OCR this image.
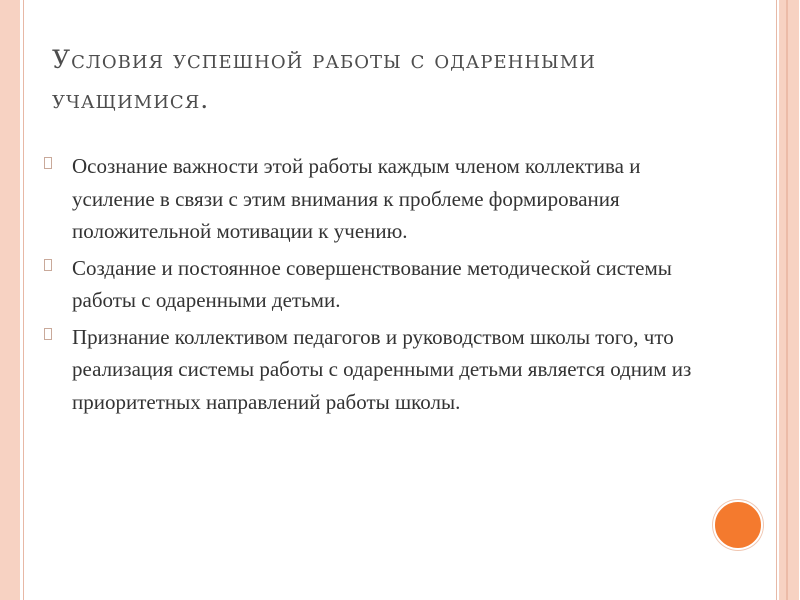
Условия успешной работы с одаренными учащимися.
Осознание важности этой работы каждым членом коллектива и усиление в связи с этим внимания к проблеме формирования положительной мотивации к учению.
Создание и постоянное совершенствование методической системы работы с одаренными детьми.
Признание коллективом педагогов и руководством школы того, что реализация системы работы с одаренными детьми является одним из приоритетных направлений работы школы.
